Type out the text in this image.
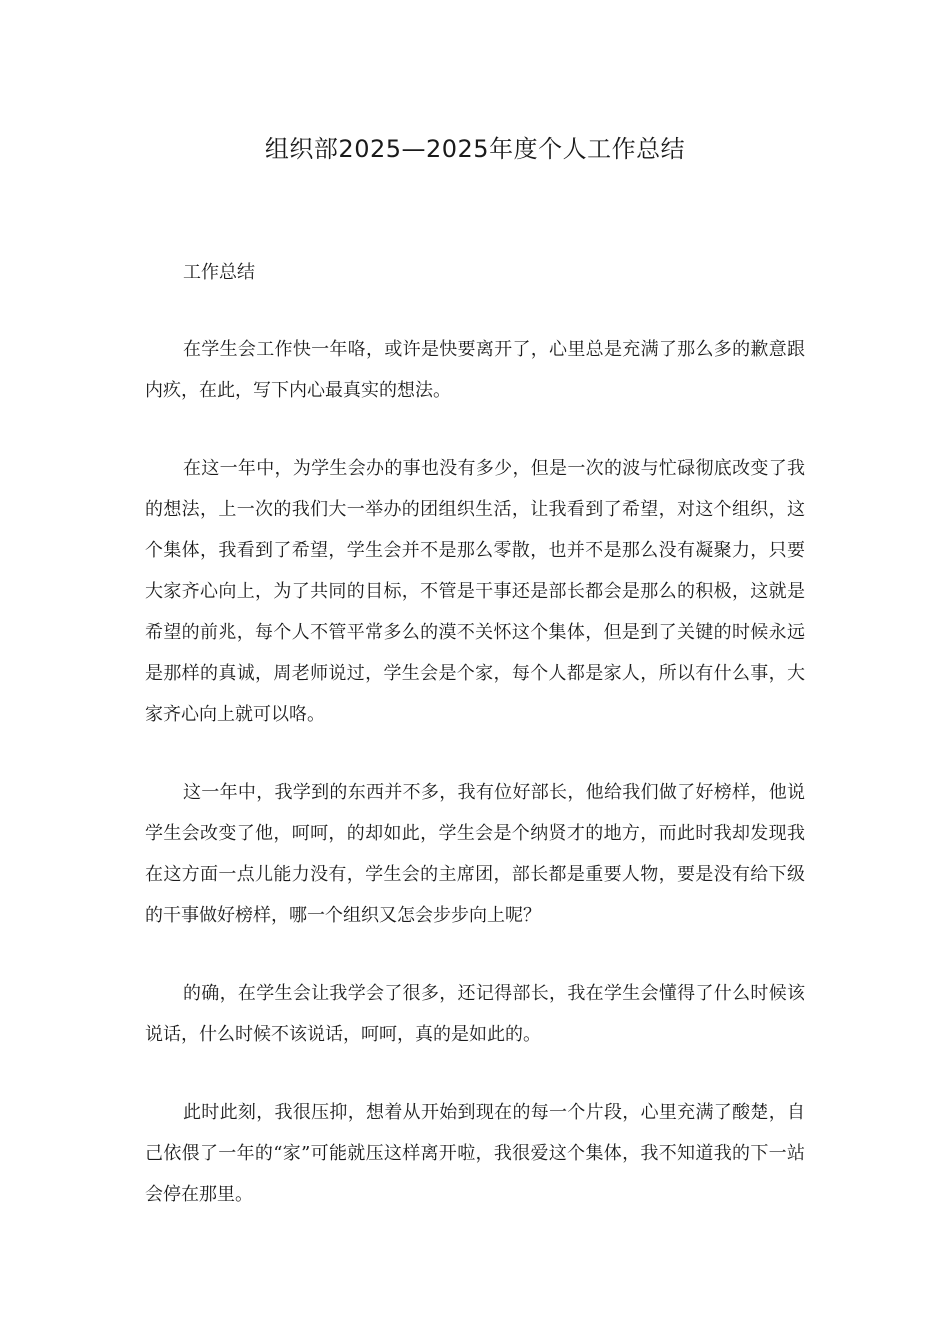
组织部2025—2025年度个人工作总结

工作总结

在学生会工作快一年咯，或许是快要离开了，心里总是充满了那么多的歉意跟内疚，在此，写下内心最真实的想法。

在这一年中，为学生会办的事也没有多少，但是一次的波与忙碌彻底改变了我的想法，上一次的我们大一举办的团组织生活，让我看到了希望，对这个组织，这个集体，我看到了希望，学生会并不是那么零散，也并不是那么没有凝聚力，只要大家齐心向上，为了共同的目标，不管是干事还是部长都会是那么的积极，这就是希望的前兆，每个人不管平常多么的漠不关怀这个集体，但是到了关键的时候永远是那样的真诚，周老师说过，学生会是个家，每个人都是家人，所以有什么事，大家齐心向上就可以咯。

这一年中，我学到的东西并不多，我有位好部长，他给我们做了好榜样，他说学生会改变了他，呵呵，的却如此，学生会是个纳贤才的地方，而此时我却发现我在这方面一点儿能力没有，学生会的主席团，部长都是重要人物，要是没有给下级的干事做好榜样，哪一个组织又怎会步步向上呢？

的确，在学生会让我学会了很多，还记得部长，我在学生会懂得了什么时候该说话，什么时候不该说话，呵呵，真的是如此的。

此时此刻，我很压抑，想着从开始到现在的每一个片段，心里充满了酸楚，自己依偎了一年的“家”可能就压这样离开啦，我很爱这个集体，我不知道我的下一站会停在那里。
